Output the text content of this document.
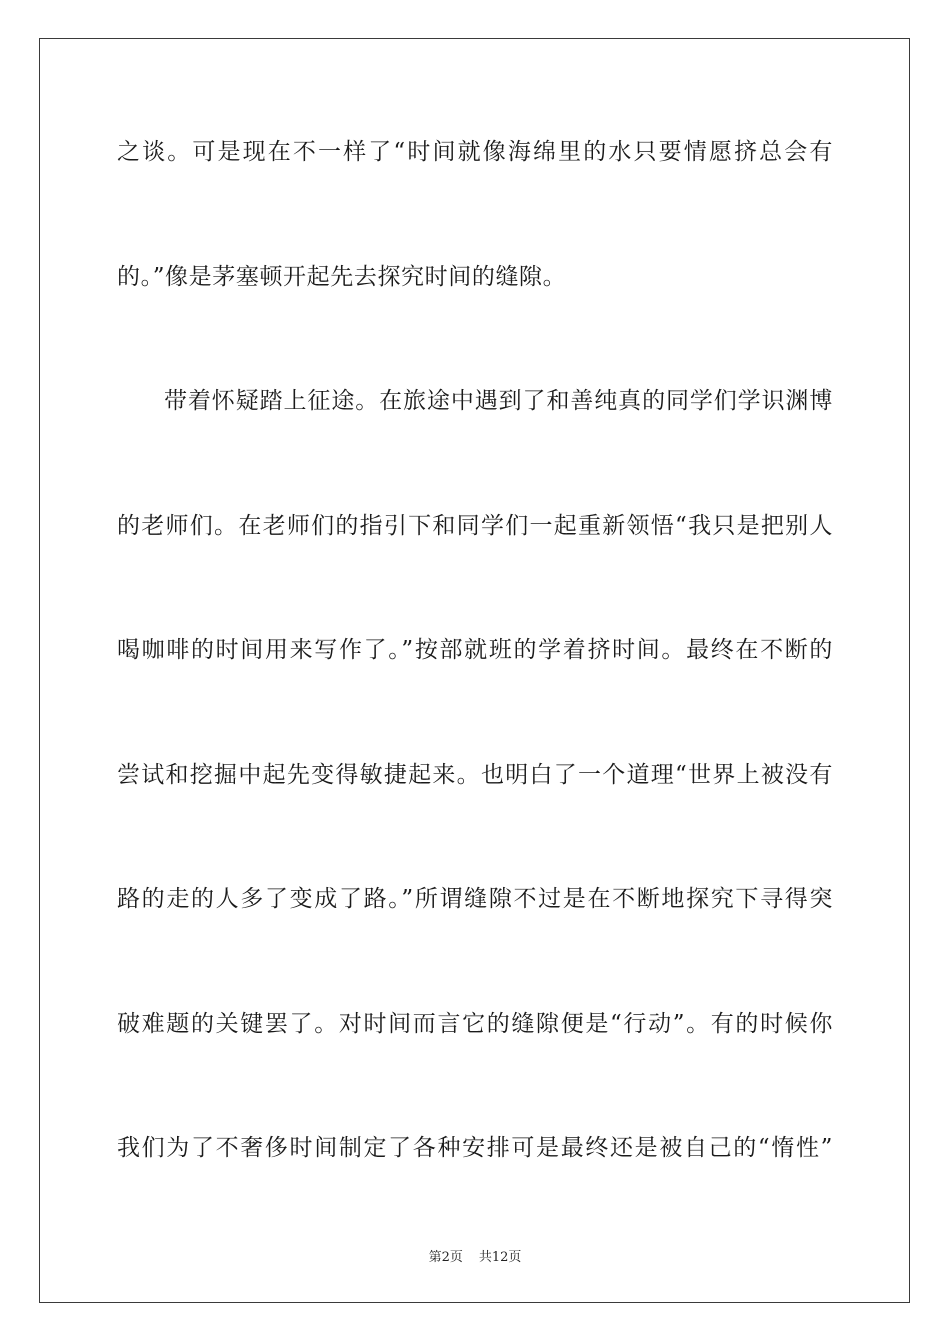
之谈。可是现在不一样了“时间就像海绵里的水只要情愿挤总会有
的。”像是茅塞顿开起先去探究时间的缝隙。
带着怀疑踏上征途。在旅途中遇到了和善纯真的同学们学识渊博
的老师们。在老师们的指引下和同学们一起重新领悟“我只是把别人
喝咖啡的时间用来写作了。”按部就班的学着挤时间。最终在不断的
尝试和挖掘中起先变得敏捷起来。也明白了一个道理“世界上被没有
路的走的人多了变成了路。”所谓缝隙不过是在不断地探究下寻得突
破难题的关键罢了。对时间而言它的缝隙便是“行动”。有的时候你
我们为了不奢侈时间制定了各种安排可是最终还是被自己的“惰性”
第2页 共12页
